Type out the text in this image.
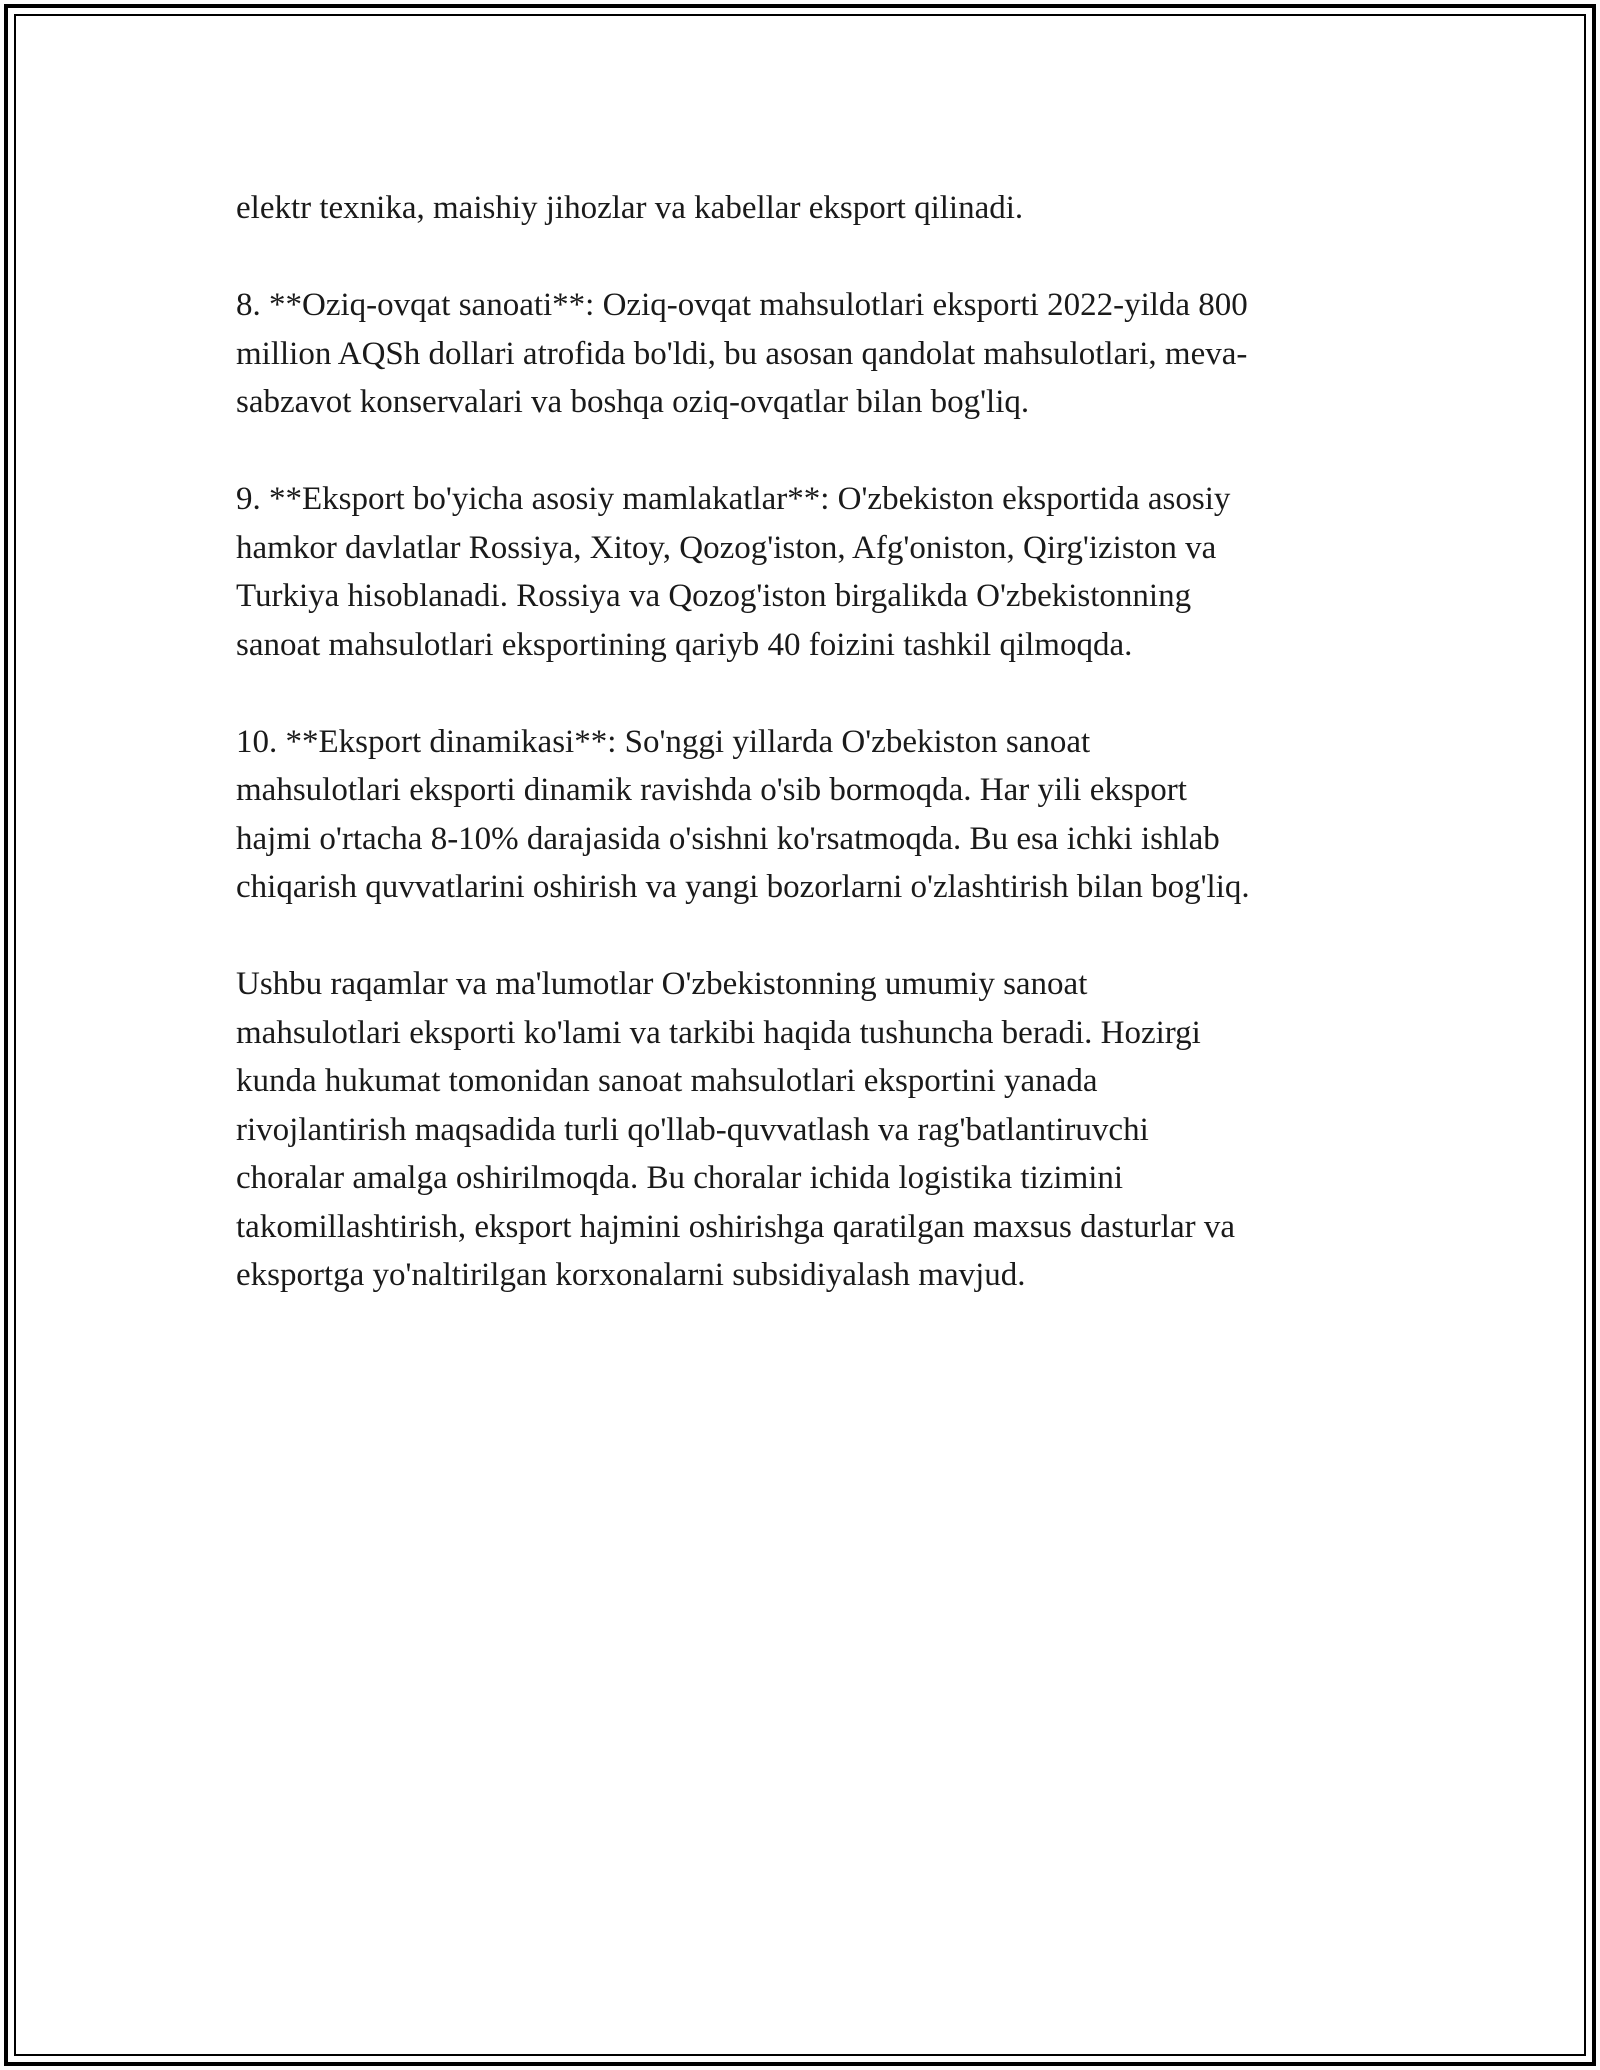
elektr texnika, maishiy jihozlar va kabellar eksport qilinadi.

8. **Oziq-ovqat sanoati**: Oziq-ovqat mahsulotlari eksporti 2022-yilda 800
million AQSh dollari atrofida bo'ldi, bu asosan qandolat mahsulotlari, meva-
sabzavot konservalari va boshqa oziq-ovqatlar bilan bog'liq.

9. **Eksport bo'yicha asosiy mamlakatlar**: O'zbekiston eksportida asosiy
hamkor davlatlar Rossiya, Xitoy, Qozog'iston, Afg'oniston, Qirg'iziston va
Turkiya hisoblanadi. Rossiya va Qozog'iston birgalikda O'zbekistonning
sanoat mahsulotlari eksportining qariyb 40 foizini tashkil qilmoqda.

10. **Eksport dinamikasi**: So'nggi yillarda O'zbekiston sanoat
mahsulotlari eksporti dinamik ravishda o'sib bormoqda. Har yili eksport
hajmi o'rtacha 8-10% darajasida o'sishni ko'rsatmoqda. Bu esa ichki ishlab
chiqarish quvvatlarini oshirish va yangi bozorlarni o'zlashtirish bilan bog'liq.

Ushbu raqamlar va ma'lumotlar O'zbekistonning umumiy sanoat
mahsulotlari eksporti ko'lami va tarkibi haqida tushuncha beradi. Hozirgi
kunda hukumat tomonidan sanoat mahsulotlari eksportini yanada
rivojlantirish maqsadida turli qo'llab-quvvatlash va rag'batlantiruvchi
choralar amalga oshirilmoqda. Bu choralar ichida logistika tizimini
takomillashtirish, eksport hajmini oshirishga qaratilgan maxsus dasturlar va
eksportga yo'naltirilgan korxonalarni subsidiyalash mavjud.
